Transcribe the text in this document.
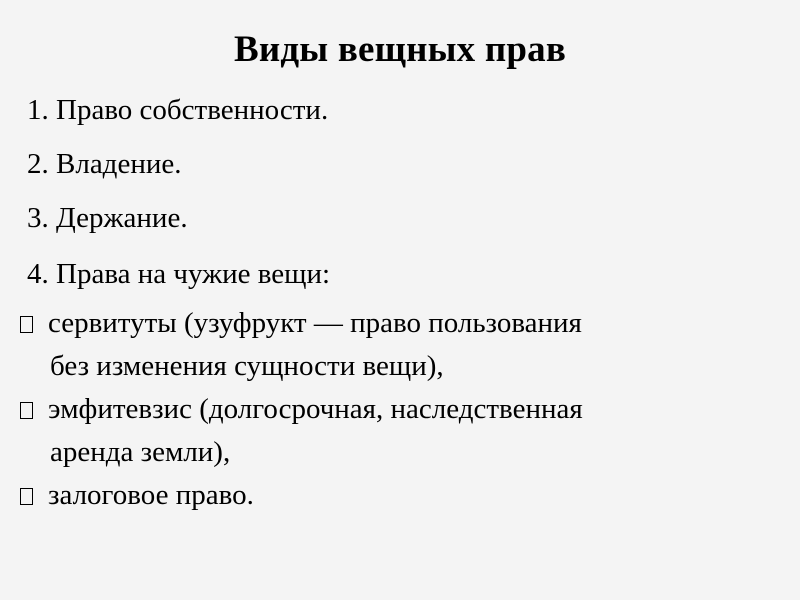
Виды вещных прав
1. Право собственности.
2. Владение.
3. Держание.
4. Права на чужие вещи:
сервитуты (узуфрукт — право пользования
без изменения сущности вещи),
эмфитевзис (долгосрочная, наследственная
аренда земли),
залоговое право.
